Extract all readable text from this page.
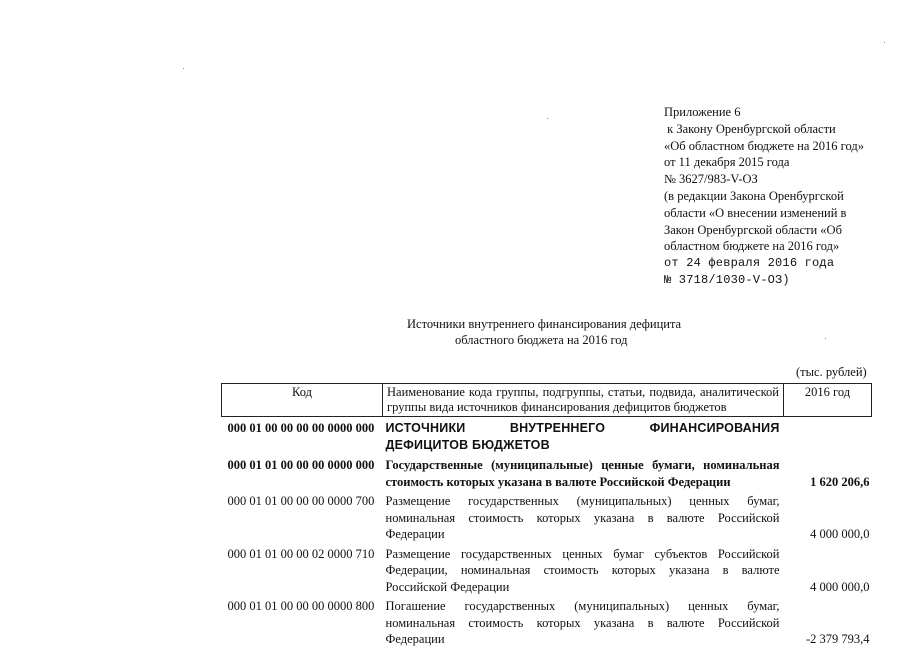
Приложение 6
к Закону Оренбургской области
«Об областном бюджете на 2016 год»
от 11 декабря 2015 года
№ 3627/983-V-ОЗ
(в редакции Закона Оренбургской
области «О внесении изменений в
Закон Оренбургской области «Об
областном бюджете на 2016 год»
от 24 февраля 2016 года
№ 3718/1030-V-ОЗ)
Источники внутреннего финансирования дефицита
областного бюджета на 2016 год
(тыс. рублей)
Код	Наименование кода группы, подгруппы, статьи, подвида, аналитической группы вида источников финансирования дефицитов бюджетов	2016 год
000 01 00 00 00 00 0000 000	ИСТОЧНИКИ ВНУТРЕННЕГО ФИНАНСИРОВАНИЯ ДЕФИЦИТОВ БЮДЖЕТОВ	
000 01 01 00 00 00 0000 000	Государственные (муниципальные) ценные бумаги, номинальная стоимость которых указана в валюте Российской Федерации	1 620 206,6
000 01 01 00 00 00 0000 700	Размещение государственных (муниципальных) ценных бумаг, номинальная стоимость которых указана в валюте Российской Федерации	4 000 000,0
000 01 01 00 00 02 0000 710	Размещение государственных ценных бумаг субъектов Российской Федерации, номинальная стоимость которых указана в валюте Российской Федерации	4 000 000,0
000 01 01 00 00 00 0000 800	Погашение государственных (муниципальных) ценных бумаг, номинальная стоимость которых указана в валюте Российской Федерации	-2 379 793,4
